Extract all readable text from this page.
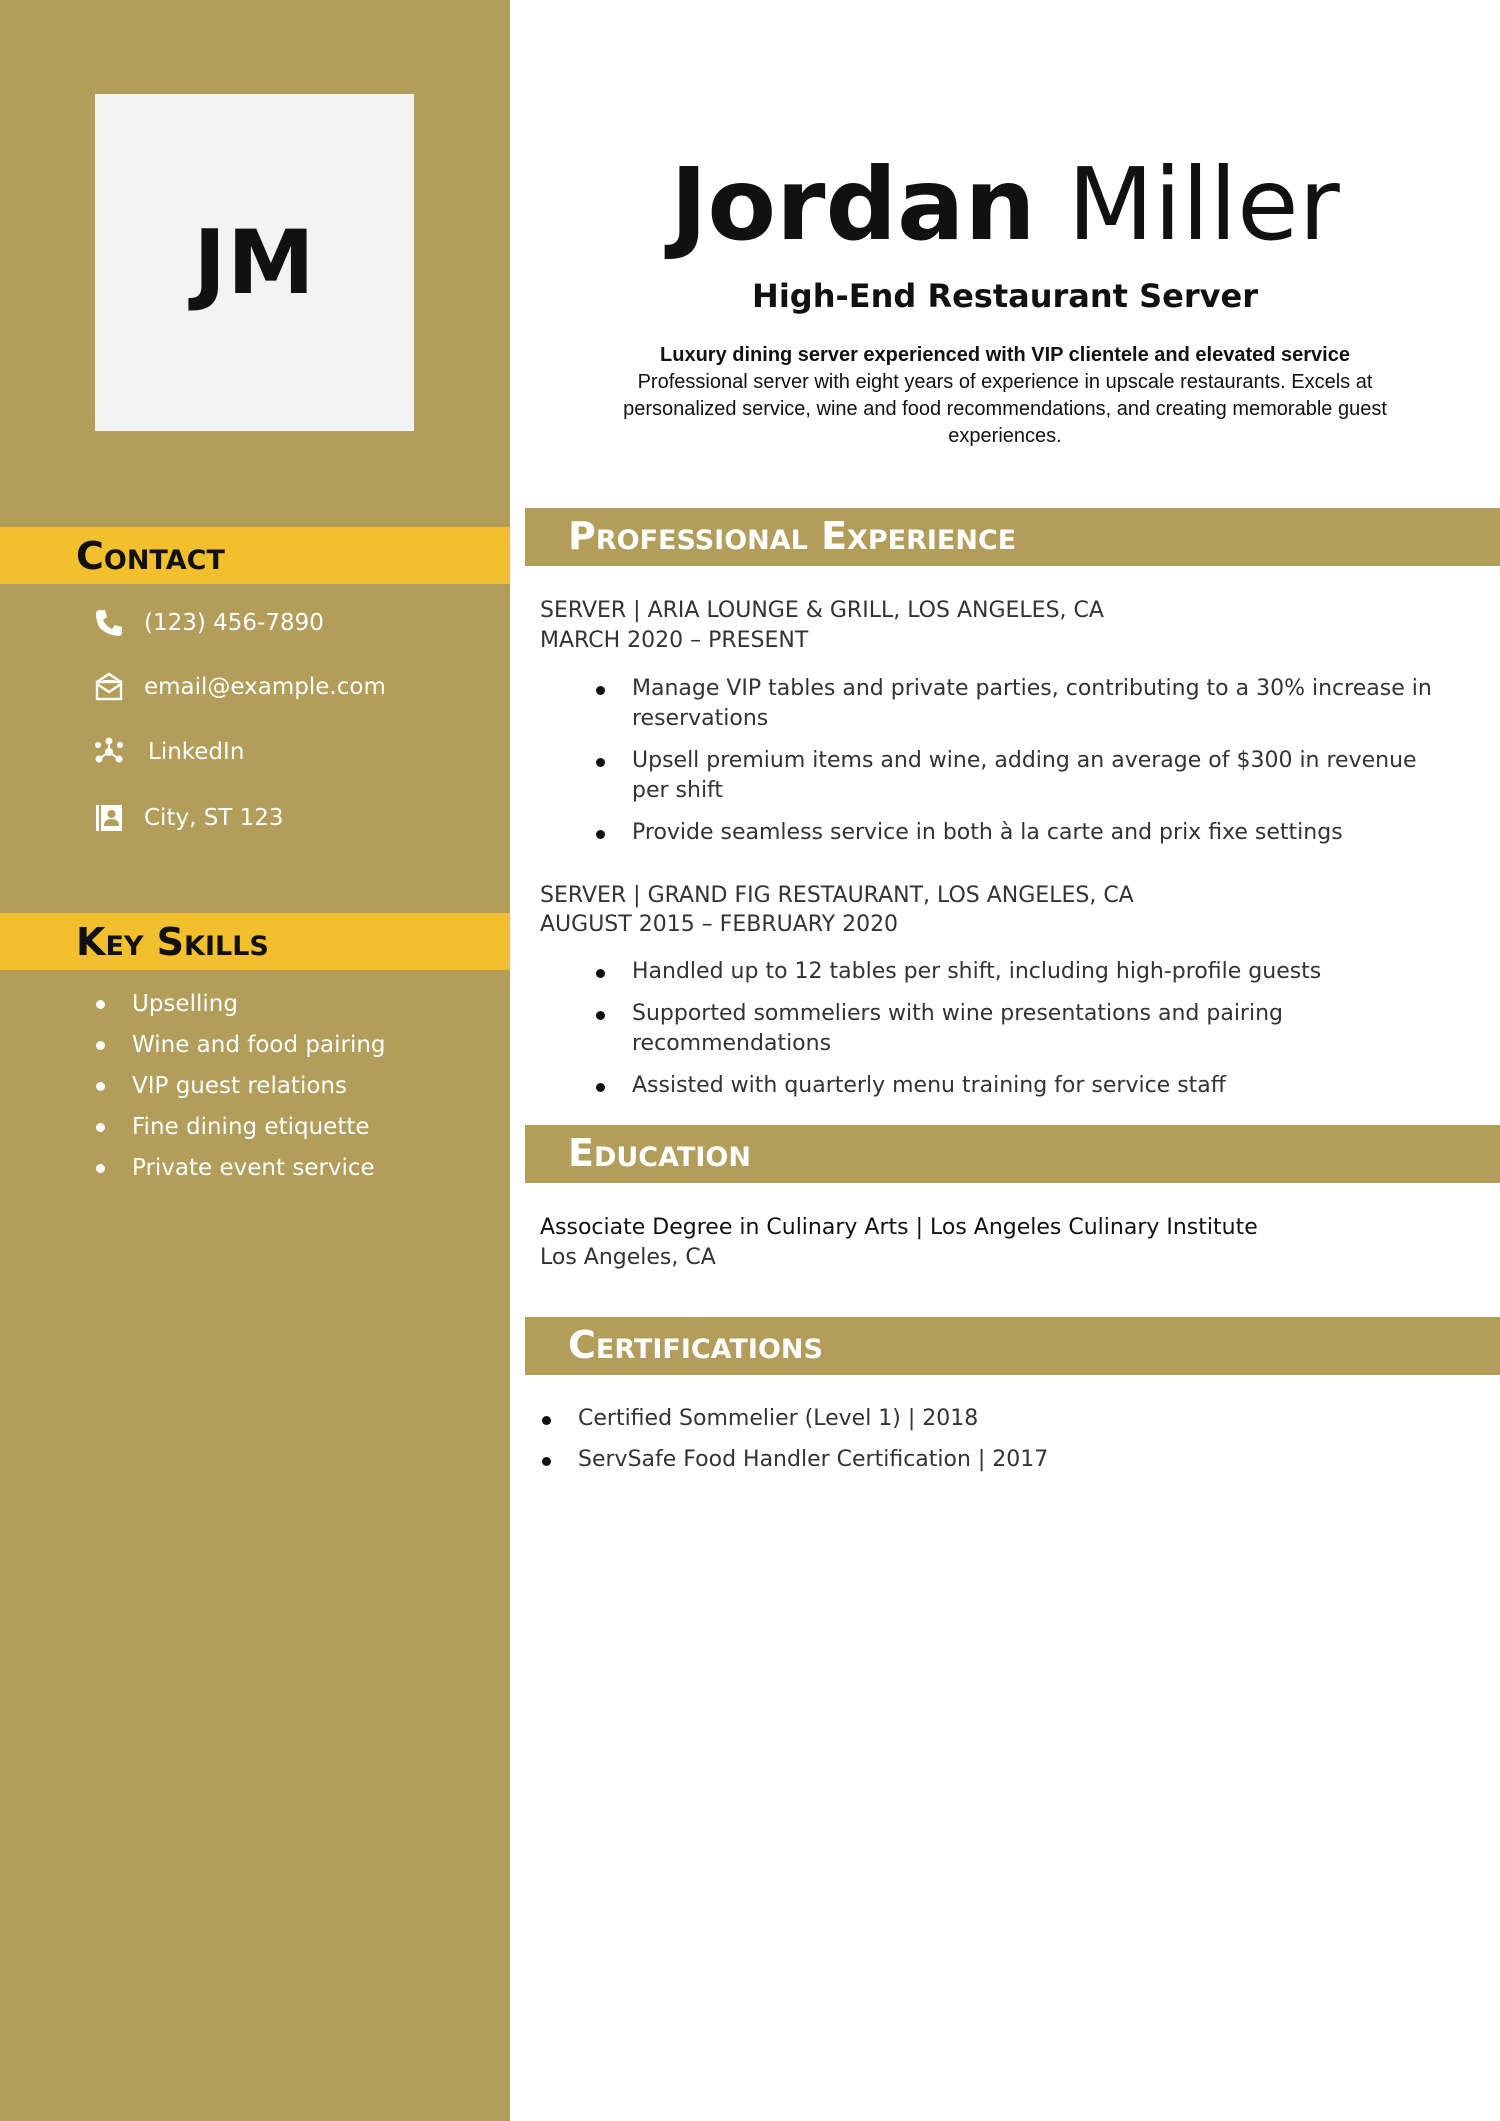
JM
Contact
(123) 456-7890
email@example.com
LinkedIn
City, ST 123
Key Skills
Upselling
Wine and food pairing
VIP guest relations
Fine dining etiquette
Private event service
Jordan Miller
High-End Restaurant Server
Luxury dining server experienced with VIP clientele and elevated service
Professional server with eight years of experience in upscale restaurants. Excels at personalized service, wine and food recommendations, and creating memorable guest experiences.
Professional Experience
SERVER | ARIA LOUNGE & GRILL, LOS ANGELES, CA
MARCH 2020 – PRESENT
Manage VIP tables and private parties, contributing to a 30% increase in reservations
Upsell premium items and wine, adding an average of $300 in revenue per shift
Provide seamless service in both à la carte and prix fixe settings
SERVER | GRAND FIG RESTAURANT, LOS ANGELES, CA
AUGUST 2015 – FEBRUARY 2020
Handled up to 12 tables per shift, including high-profile guests
Supported sommeliers with wine presentations and pairing recommendations
Assisted with quarterly menu training for service staff
Education
Associate Degree in Culinary Arts | Los Angeles Culinary Institute
Los Angeles, CA
Certifications
Certified Sommelier (Level 1) | 2018
ServSafe Food Handler Certification | 2017
